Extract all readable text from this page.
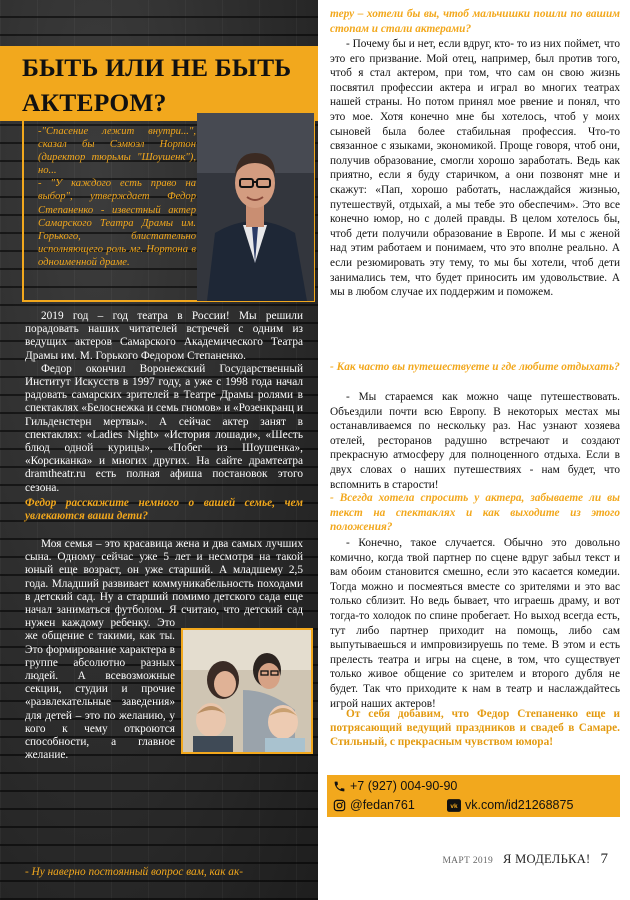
БЫТЬ ИЛИ НЕ БЫТЬ АКТЕРОМ?

-"Спасение лежит внутри...", сказал бы Сэмюэл Нортон (директор тюрьмы "Шоушенк"), но...

- "У каждого есть право на выбор", утверждает Федор Степаненко - известный актер Самарского Театра Драмы им. Горького, блистательно исполняющего роль мг. Нортона в одноименной драме.

2019 год – год театра в России! Мы решили порадовать наших читателей встречей с одним из ведущих актеров Самарского Академического Театра Драмы им. М. Горького Федором Степаненко.

Федор окончил Воронежский Государственный Институт Искусств в 1997 году, а уже с 1998 года начал радовать самарских зрителей в Театре Драмы ролями в спектаклях «Белоснежка и семь гномов» и «Розенкранц и Гильденстерн мертвы». А сейчас актер занят в спектаклях: «Ladies Night» «История лошади», «Шесть блюд одной курицы», «Побег из Шоушенка», «Корсиканка» и многих других. На сайте драмтеатра dramtheatr.ru есть полная афиша постановок этого сезона.

Федор расскажите немного о вашей семье, чем увлекаются ваши дети?

Моя семья – это красавица жена и два самых лучших сына. Одному сейчас уже 5 лет и несмотря на такой юный еще возраст, он уже старший. А младшему 2,5 года. Младший развивает коммуникабельность походами в детский сад. Ну а старший помимо детского сада еще начал заниматься футболом. Я считаю, что детский сад нужен каждому ребенку. Это же общение с такими, как ты. Это формирование характера в группе абсолютно разных людей. А всевозможные секции, студии и прочие «развлекательные заведения» для детей – это по желанию, у кого к чему откроются способности, а главное желание.

- Ну наверно постоянный вопрос вам, как ак-

теру – хотели бы вы, чтоб мальчишки пошли по вашим стопам и стали актерами?

- Почему бы и нет, если вдруг, кто- то из них поймет, что это его призвание. Мой отец, например, был против того, чтоб я стал актером, при том, что сам он свою жизнь посвятил профессии актера и играл во многих театрах нашей страны. Но потом принял мое рвение и понял, что это мое. Хотя конечно мне бы хотелось, чтоб у моих сыновей была более стабильная профессия. Что-то связанное с языками, экономикой. Проще говоря, чтоб они, получив образование, смогли хорошо заработать. Ведь как приятно, если я буду старичком, а они позвонят мне и скажут: «Пап, хорошо работать, наслаждайся жизнью, путешествуй, отдыхай, а мы тебе это обеспечим». Это все конечно юмор, но с долей правды. В целом хотелось бы, чтоб дети получили образование в Европе. И мы с женой над этим работаем и понимаем, что это вполне реально. А если резюмировать эту тему, то мы бы хотели, чтоб дети занимались тем, что будет приносить им удовольствие. А мы в любом случае их поддержим и поможем.

- Как часто вы путешествуете и где любите отдыхать?

- Мы стараемся как можно чаще путешествовать. Объездили почти всю Европу. В некоторых местах мы останавливаемся по нескольку раз. Нас узнают хозяева отелей, ресторанов радушно встречают и создают прекрасную атмосферу для полноценного отдыха. Если в двух словах о наших путешествиях - нам будет, что вспомнить в старости!

- Всегда хотела спросить у актера, забываете ли вы текст на спектаклях и как выходите из этого положения?

- Конечно, такое случается. Обычно это довольно комично, когда твой партнер по сцене вдруг забыл текст и вам обоим становится смешно, если это касается комедии. Тогда можно и посмеяться вместе со зрителями и это вас только сблизит. Но ведь бывает, что играешь драму, и вот тогда-то холодок по спине пробегает. Но выход всегда есть, тут либо партнер приходит на помощь, либо сам выпутываешься и импровизируешь по теме. В этом и есть прелесть театра и игры на сцене, в том, что существует только живое общение со зрителем и второго дубля не будет. Так что приходите к нам в театр и наслаждайтесь игрой наших актеров!

От себя добавим, что Федор Степаненко еще и потрясающий ведущий праздников и свадеб в Самаре. Стильный, с прекрасным чувством юмора!

+7 (927) 004-90-90
@fedan761	vk vk.com/id21268875
МАРТ 2019 Я МОДЕЛЬКА! 7
